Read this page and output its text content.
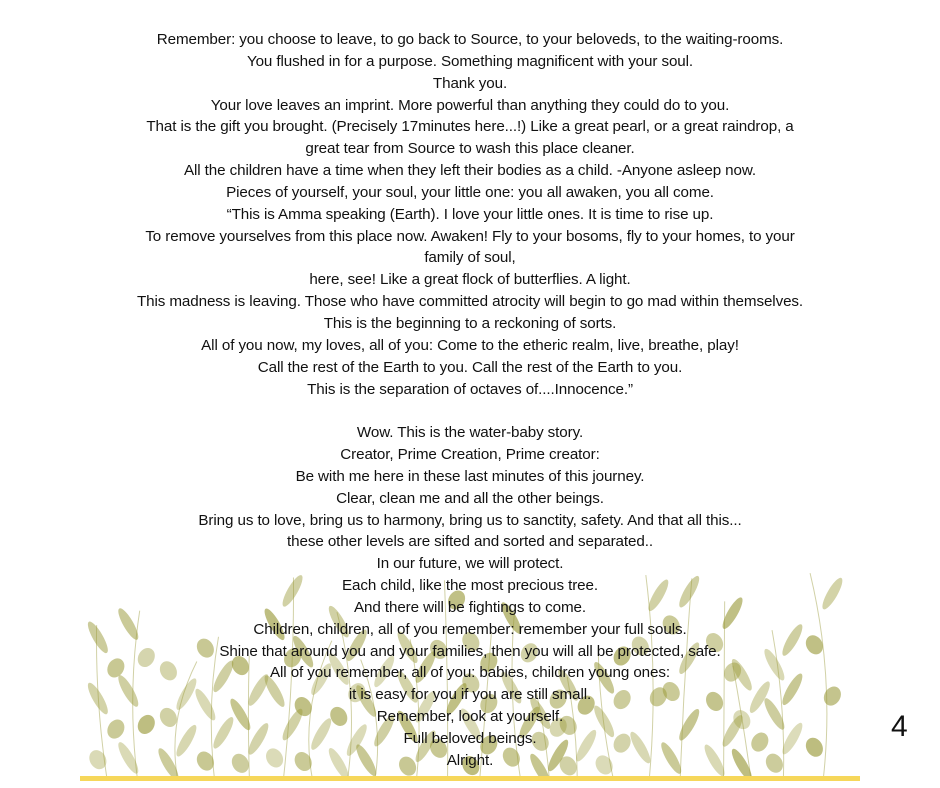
Remember: you choose to leave, to go back to Source, to your beloveds, to the waiting-rooms.
You flushed in for a purpose. Something magnificent with your soul.
Thank you.
Your love leaves an imprint. More powerful than anything they could do to you.
That is the gift you brought. (Precisely 17minutes here...!) Like a great pearl, or a great raindrop, a
great tear from Source to wash this place cleaner.
All the children have a time when they left their bodies as a child. -Anyone asleep now.
Pieces of yourself, your soul, your little one: you all awaken, you all come.
“This is Amma speaking (Earth). I love your little ones. It is time to rise up.
To remove yourselves from this place now. Awaken! Fly to your bosoms, fly to your homes, to your
family of soul,
here, see! Like a great flock of butterflies. A light.
This madness is leaving. Those who have committed atrocity will begin to go mad within themselves.
This is the beginning to a reckoning of sorts.
All of you now, my loves, all of you: Come to the etheric realm, live, breathe, play!
Call the rest of the Earth to you. Call the rest of the Earth to you.
This is the separation of octaves of....Innocence.”
Wow. This is the water-baby story.
Creator, Prime Creation, Prime creator:
Be with me here in these last minutes of this journey.
Clear, clean me and all the other beings.
Bring us to love, bring us to harmony, bring us to sanctity, safety. And that all this...
these other levels are sifted and sorted and separated..
In our future, we will protect.
Each child, like the most precious tree.
And there will be fightings to come.
Children, children, all of you remember: remember your full souls.
Shine that around you and your families, then you will all be protected, safe.
All of you remember, all of you: babies, children young ones:
it is easy for you if you are still small.
Remember, look at yourself.
Full beloved beings.
Alright.
4
